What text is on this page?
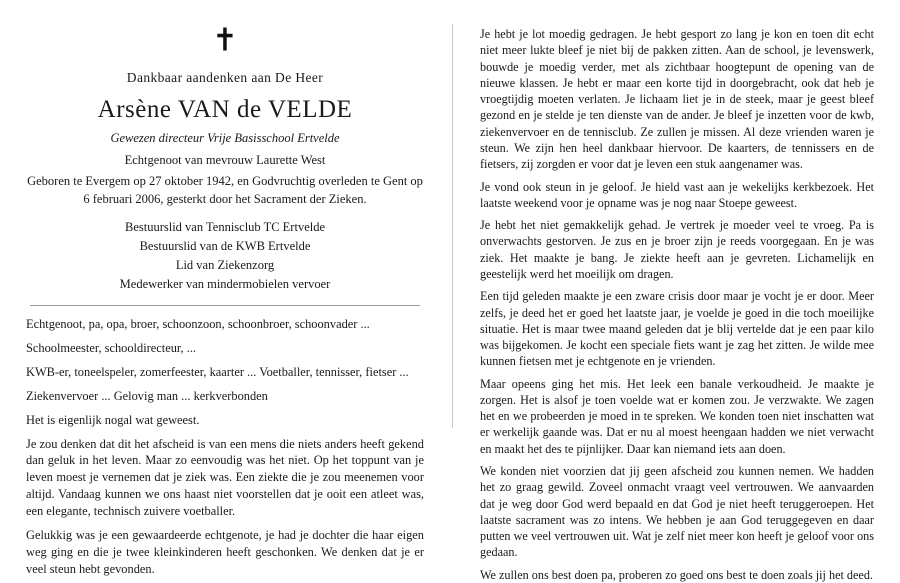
✝
Dankbaar aandenken aan De Heer
Arsène VAN de VELDE
Gewezen directeur Vrije Basisschool Ertvelde
Echtgenoot van mevrouw Laurette West
Geboren te Evergem op 27 oktober 1942, en Godvruchtig overleden te Gent op 6 februari 2006, gesterkt door het Sacrament der Zieken.
Bestuurslid van Tennisclub TC Ertvelde
Bestuurslid van de KWB Ertvelde
Lid van Ziekenzorg
Medewerker van mindermobielen vervoer

Echtgenoot, pa, opa, broer, schoonzoon, schoonbroer, schoonvader ...

Schoolmeester, schooldirecteur, ...

KWB-er, toneelspeler, zomerfeester, kaarter ... Voetballer, tennisser, fietser ...

Ziekenvervoer ... Gelovig man ... kerkverbonden

Het is eigenlijk nogal wat geweest.

Je zou denken dat dit het afscheid is van een mens die niets anders heeft gekend dan geluk in het leven. Maar zo eenvoudig was het niet. Op het toppunt van je leven moest je vernemen dat je ziek was. Een ziekte die je zou meenemen voor altijd. Vandaag kunnen we ons haast niet voorstellen dat je ooit een atleet was, een elegante, technisch zuivere voetballer.

Gelukkig was je een gewaardeerde echtgenote, je had je dochter die haar eigen weg ging en die je twee kleinkinderen heeft geschonken. We denken dat je er veel steun hebt gevonden.

Je hebt je lot moedig gedragen. Je hebt gesport zo lang je kon en toen dit echt niet meer lukte bleef je niet bij de pakken zitten. Aan de school, je levenswerk, bouwde je moedig verder, met als zichtbaar hoogtepunt de opening van de nieuwe klassen. Je hebt er maar een korte tijd in doorgebracht, ook dat heb je vroegtijdig moeten verlaten. Je lichaam liet je in de steek, maar je geest bleef gezond en je stelde je ten dienste van de ander. Je bleef je inzetten voor de kwb, ziekenvervoer en de tennisclub. Ze zullen je missen. Al deze vrienden waren je steun. We zijn hen heel dankbaar hiervoor. De kaarters, de tennissers en de fietsers, zij zorgden er voor dat je leven een stuk aangenamer was.

Je vond ook steun in je geloof. Je hield vast aan je wekelijks kerkbezoek. Het laatste weekend voor je opname was je nog naar Stoepe geweest.

Je hebt het niet gemakkelijk gehad. Je vertrek je moeder veel te vroeg. Pa is onverwachts gestorven. Je zus en je broer zijn je reeds voorgegaan. En je was ziek. Het maakte je bang. Je ziekte heeft aan je gevreten. Lichamelijk en geestelijk werd het moeilijk om dragen.

Een tijd geleden maakte je een zware crisis door maar je vocht je er door. Meer zelfs, je deed het er goed het laatste jaar, je voelde je goed in die toch moeilijke situatie. Het is maar twee maand geleden dat je blij vertelde dat je een paar kilo was bijgekomen. Je kocht een speciale fiets want je zag het zitten. Je wilde mee kunnen fietsen met je echtgenote en je vrienden.

Maar opeens ging het mis. Het leek een banale verkoudheid. Je maakte je zorgen. Het is alsof je toen voelde wat er komen zou. Je verzwakte. We zagen het en we probeerden je moed in te spreken. We konden toen niet inschatten wat er werkelijk gaande was. Dat er nu al moest heengaan hadden we niet verwacht en maakt het des te pijnlijker. Daar kan niemand iets aan doen.

We konden niet voorzien dat jij geen afscheid zou kunnen nemen. We hadden het zo graag gewild. Zoveel onmacht vraagt veel vertrouwen. We aanvaarden dat je weg door God werd bepaald en dat God je niet heeft teruggeroepen. Het laatste sacrament was zo intens. We hebben je aan God teruggegeven en daar putten we veel vertrouwen uit. Wat je zelf niet meer kon heeft je geloof voor ons gedaan.

We zullen ons best doen pa, proberen zo goed ons best te doen zoals jij het deed.
